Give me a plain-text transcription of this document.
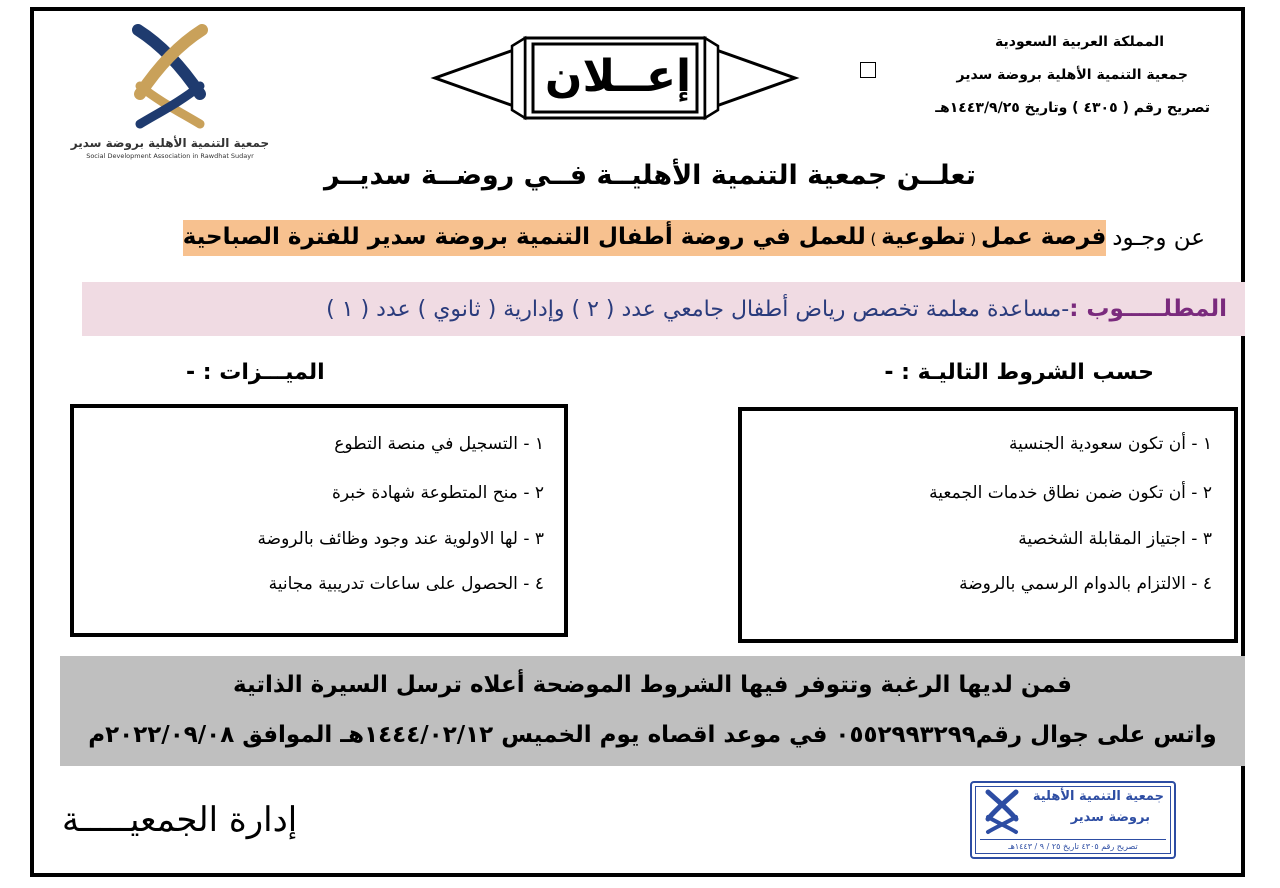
المملكة العربية السعودية
جمعية التنمية الأهلية بروضة سدير
تصريح رقم ( ٤٣٠٥ ) وتاريخ ١٤٤٣/٩/٢٥هـ
إعــلان
جمعية التنمية الأهلية بروضة سدير
Social Development Association in Rawdhat Sudayr
تعلــن جمعية التنمية الأهليــة فــي روضــة سديــر
عن وجـود
فرصة عمل ( تطوعية ) للعمل في روضة أطفال التنمية بروضة سدير للفترة الصباحية
المطلـــــوب :
-مساعدة معلمة تخصص رياض أطفال جامعي عدد ( ٢ ) وإدارية ( ثانوي ) عدد ( ١ )
حسب الشروط التاليـة : -
الميـــزات : -
١ - أن تكون سعودية الجنسية
٢ - أن تكون ضمن نطاق خدمات الجمعية
٣ - اجتياز المقابلة الشخصية
٤ - الالتزام بالدوام الرسمي بالروضة
١ - التسجيل في منصة التطوع
٢ - منح المتطوعة شهادة خبرة
٣ - لها الاولوية عند وجود وظائف بالروضة
٤ - الحصول على ساعات تدريبية مجانية
فمن لديها الرغبة وتتوفر فيها الشروط الموضحة أعلاه ترسل السيرة الذاتية
واتس على جوال رقم٠٥٥٢٩٩٣٢٩٩ في موعد اقصاه يوم الخميس ١٤٤٤/٠٢/١٢هـ الموافق ٢٠٢٢/٠٩/٠٨م
إدارة الجمعيـــــة
جمعية التنمية الأهلية
بروضة سدير
تصريح رقم ٤٣٠٥ تاريخ ٢٥ / ٩ / ١٤٤٣هـ
